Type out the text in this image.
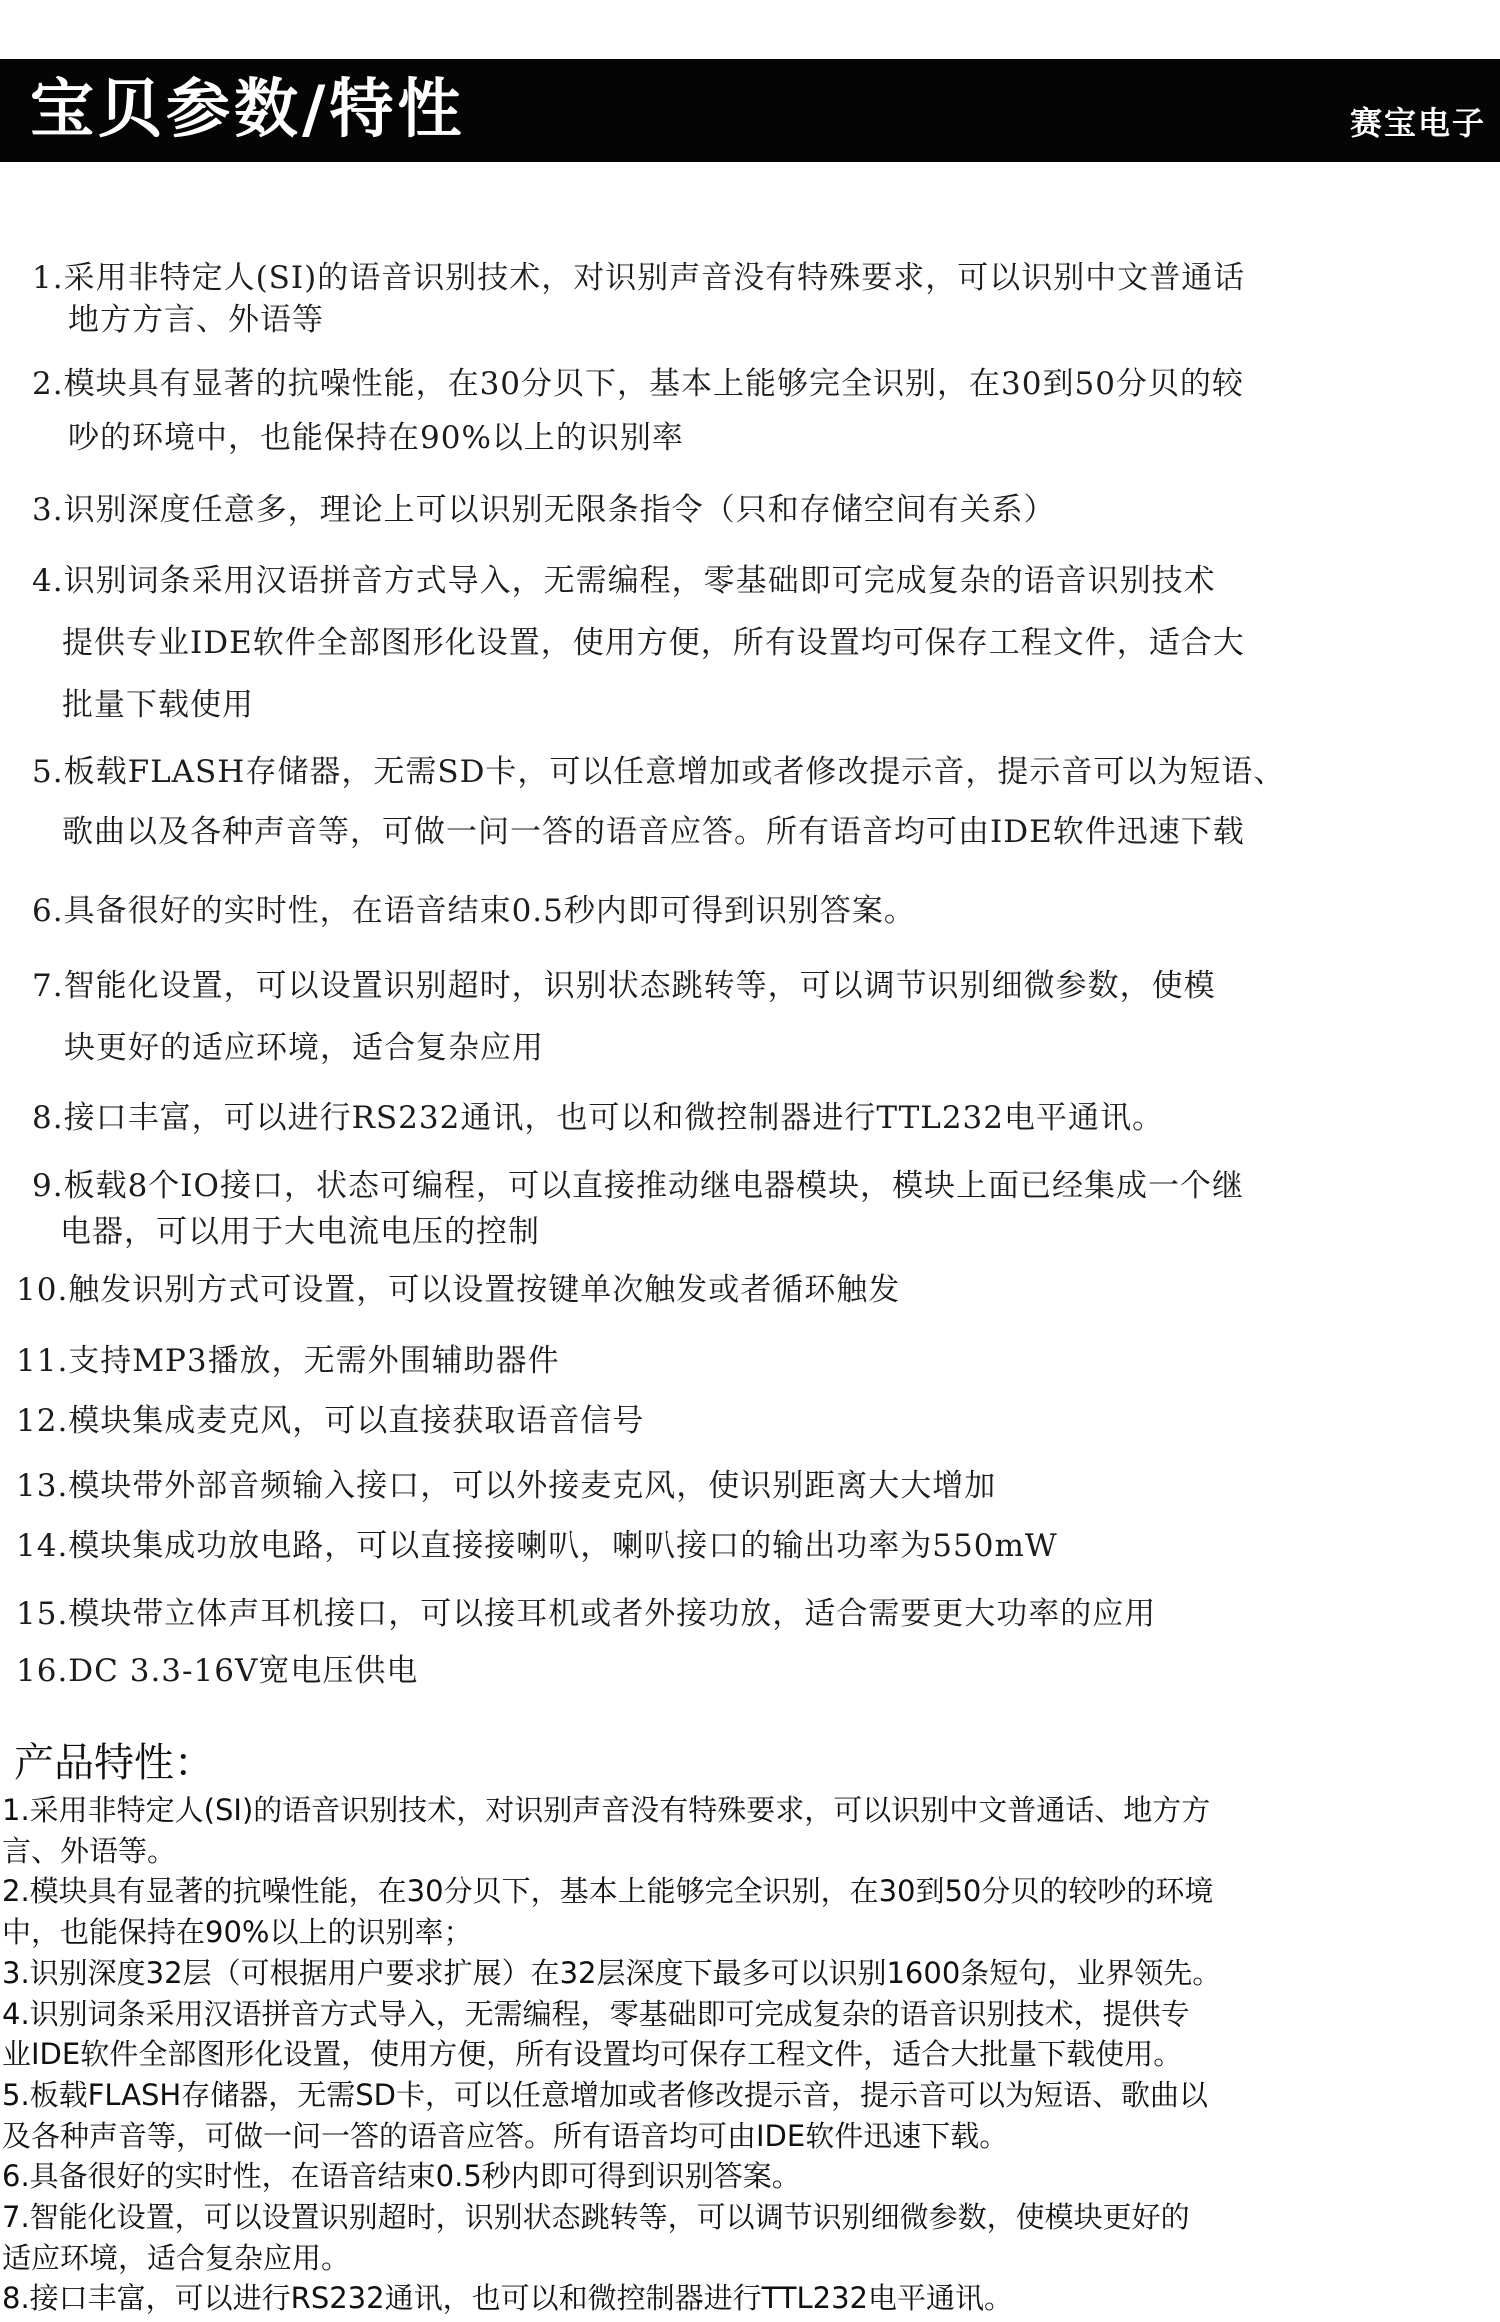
宝贝参数/特性	赛宝电子
1.采用非特定人(SI)的语音识别技术，对识别声音没有特殊要求，可以识别中文普通话
地方方言、外语等
2.模块具有显著的抗噪性能，在30分贝下，基本上能够完全识别，在30到50分贝的较
吵的环境中，也能保持在90%以上的识别率
3.识别深度任意多，理论上可以识别无限条指令（只和存储空间有关系）
4.识别词条采用汉语拼音方式导入，无需编程，零基础即可完成复杂的语音识别技术
提供专业IDE软件全部图形化设置，使用方便，所有设置均可保存工程文件，适合大
批量下载使用
5.板载FLASH存储器，无需SD卡，可以任意增加或者修改提示音，提示音可以为短语、
歌曲以及各种声音等，可做一问一答的语音应答。所有语音均可由IDE软件迅速下载
6.具备很好的实时性，在语音结束0.5秒内即可得到识别答案。
7.智能化设置，可以设置识别超时，识别状态跳转等，可以调节识别细微参数，使模
块更好的适应环境，适合复杂应用
8.接口丰富，可以进行RS232通讯，也可以和微控制器进行TTL232电平通讯。
9.板载8个IO接口，状态可编程，可以直接推动继电器模块，模块上面已经集成一个继
电器，可以用于大电流电压的控制
10.触发识别方式可设置，可以设置按键单次触发或者循环触发
11.支持MP3播放，无需外围辅助器件
12.模块集成麦克风，可以直接获取语音信号
13.模块带外部音频输入接口，可以外接麦克风，使识别距离大大增加
14.模块集成功放电路，可以直接接喇叭，喇叭接口的输出功率为550mW
15.模块带立体声耳机接口，可以接耳机或者外接功放，适合需要更大功率的应用
16.DC 3.3-16V宽电压供电
产品特性：
1.采用非特定人(SI)的语音识别技术，对识别声音没有特殊要求，可以识别中文普通话、地方方
言、外语等。
2.模块具有显著的抗噪性能，在30分贝下，基本上能够完全识别，在30到50分贝的较吵的环境
中，也能保持在90%以上的识别率；
3.识别深度32层（可根据用户要求扩展）在32层深度下最多可以识别1600条短句，业界领先。
4.识别词条采用汉语拼音方式导入，无需编程，零基础即可完成复杂的语音识别技术，提供专
业IDE软件全部图形化设置，使用方便，所有设置均可保存工程文件，适合大批量下载使用。
5.板载FLASH存储器，无需SD卡，可以任意增加或者修改提示音，提示音可以为短语、歌曲以
及各种声音等，可做一问一答的语音应答。所有语音均可由IDE软件迅速下载。
6.具备很好的实时性，在语音结束0.5秒内即可得到识别答案。
7.智能化设置，可以设置识别超时，识别状态跳转等，可以调节识别细微参数，使模块更好的
适应环境，适合复杂应用。
8.接口丰富，可以进行RS232通讯，也可以和微控制器进行TTL232电平通讯。
